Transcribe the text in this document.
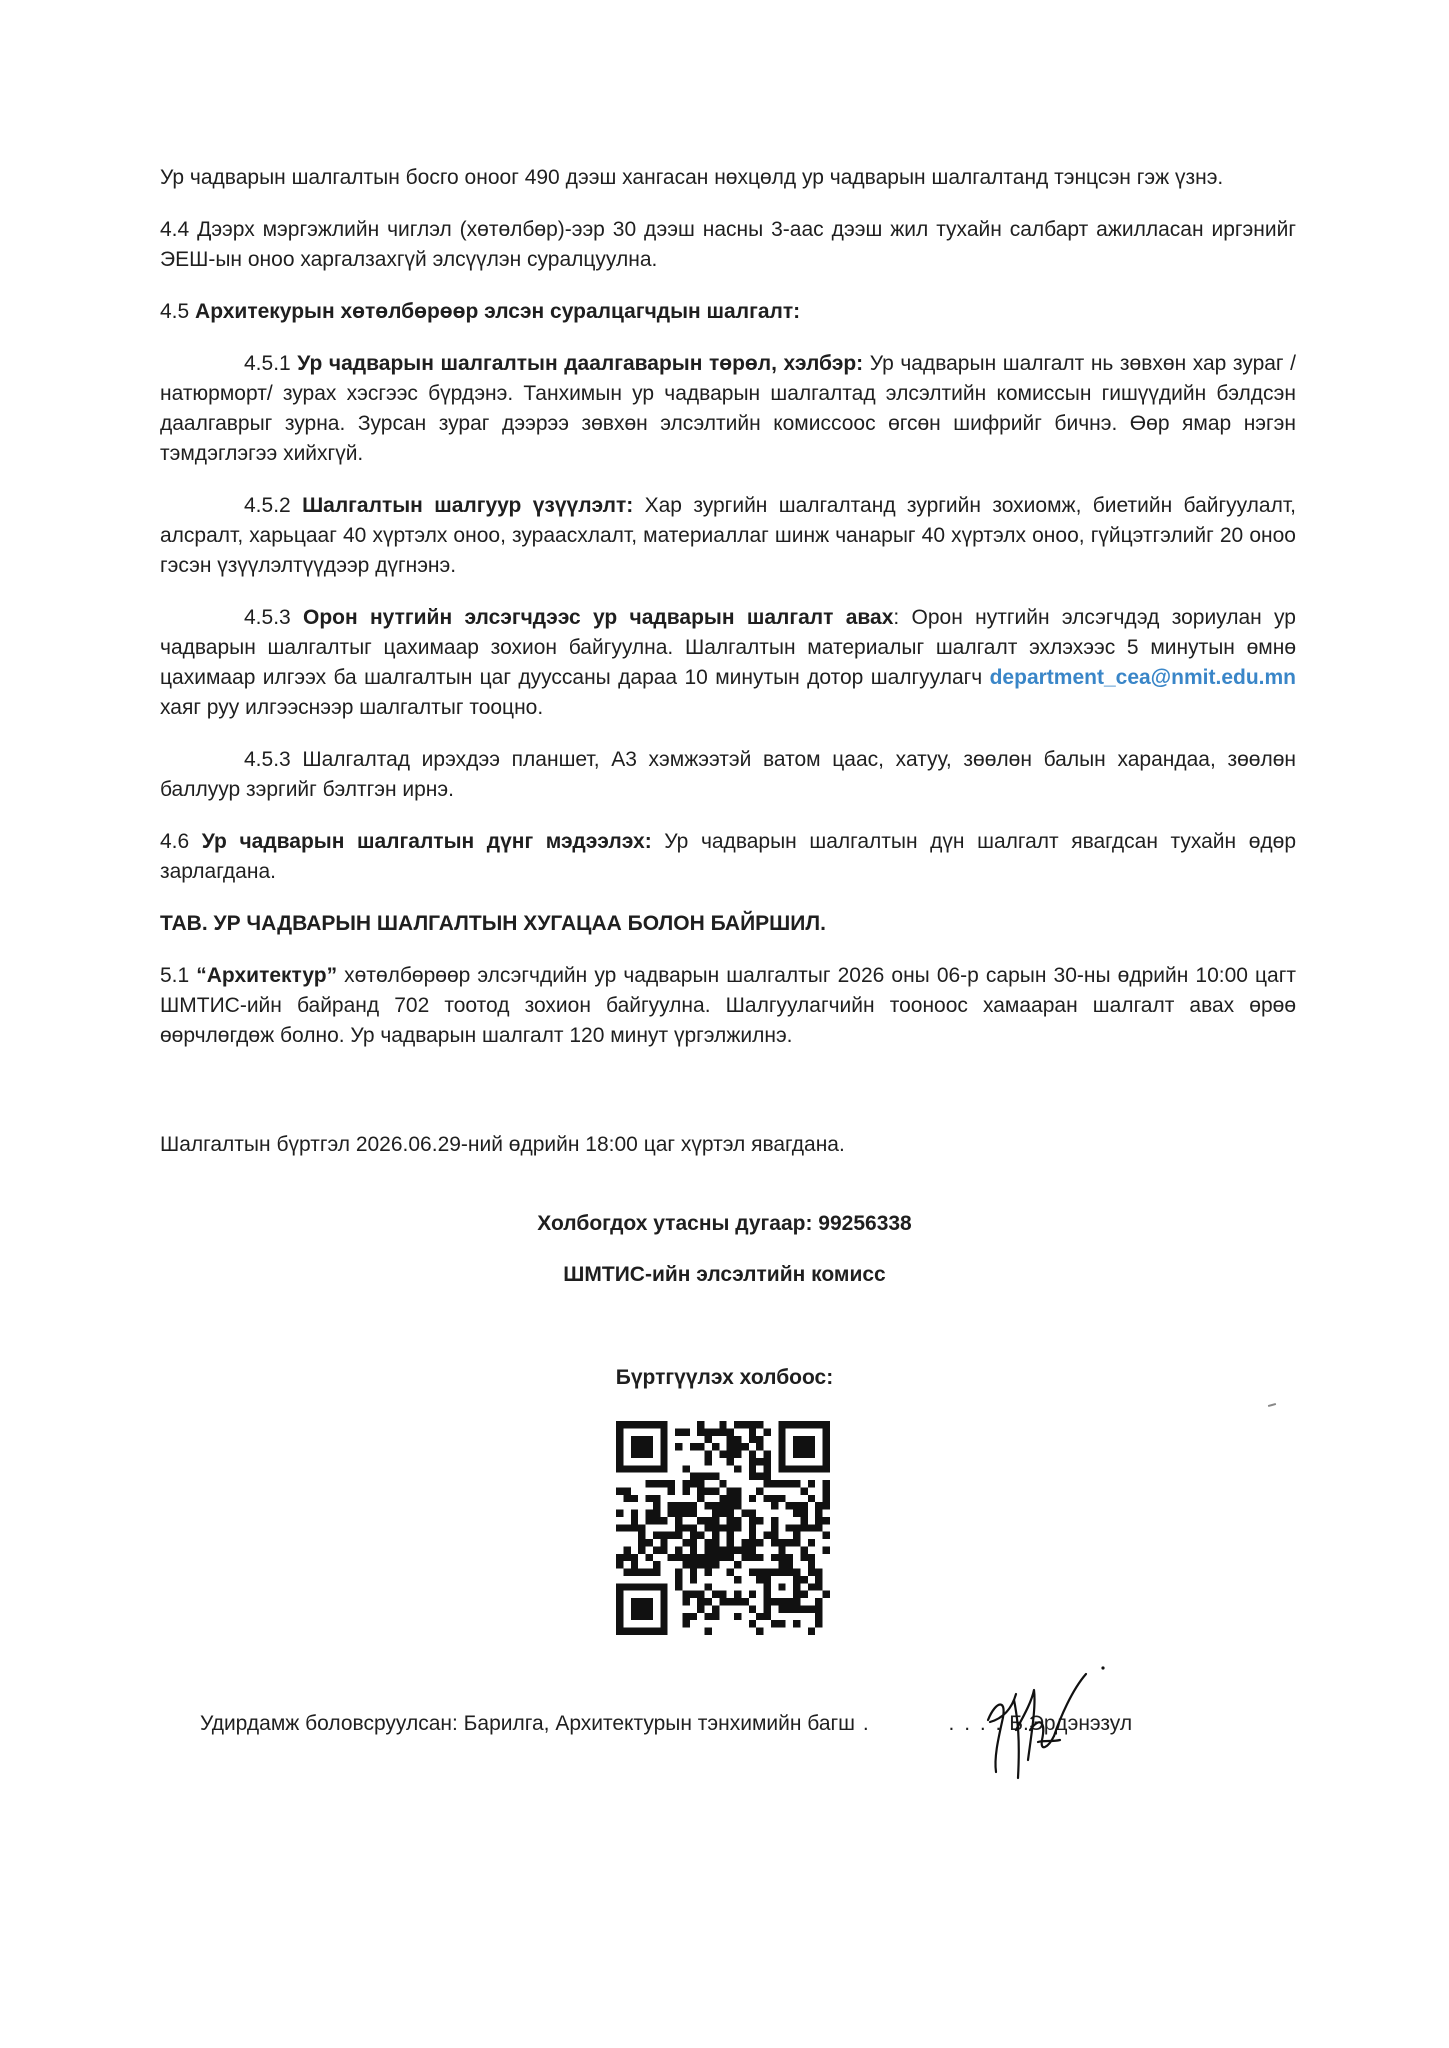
Ур чадварын шалгалтын босго оноог 490 дээш хангасан нөхцөлд ур чадварын шалгалтанд тэнцсэн гэж үзнэ.

4.4 Дээрх мэргэжлийн чиглэл (хөтөлбөр)-ээр 30 дээш насны 3-аас дээш жил тухайн салбарт ажилласан иргэнийг ЭЕШ-ын оноо харгалзахгүй элсүүлэн суралцуулна.

4.5 Архитекурын хөтөлбөрөөр элсэн суралцагчдын шалгалт:

4.5.1 Ур чадварын шалгалтын даалгаварын төрөл, хэлбэр: Ур чадварын шалгалт нь зөвхөн хар зураг /натюрморт/ зурах хэсгээс бүрдэнэ. Танхимын ур чадварын шалгалтад элсэлтийн комиссын гишүүдийн бэлдсэн даалгаврыг зурна. Зурсан зураг дээрээ зөвхөн элсэлтийн комиссоос өгсөн шифрийг бичнэ. Өөр ямар нэгэн тэмдэглэгээ хийхгүй.

4.5.2 Шалгалтын шалгуур үзүүлэлт: Хар зургийн шалгалтанд зургийн зохиомж, биетийн байгуулалт, алсралт, харьцааг 40 хүртэлх оноо, зураасхлалт, материаллаг шинж чанарыг 40 хүртэлх оноо, гүйцэтгэлийг 20 оноо гэсэн үзүүлэлтүүдээр дүгнэнэ.

4.5.3 Орон нутгийн элсэгчдээс ур чадварын шалгалт авах: Орон нутгийн элсэгчдэд зориулан ур чадварын шалгалтыг цахимаар зохион байгуулна. Шалгалтын материалыг шалгалт эхлэхээс 5 минутын өмнө цахимаар илгээх ба шалгалтын цаг дууссаны дараа 10 минутын дотор шалгуулагч department_cea@nmit.edu.mn хаяг руу илгээснээр шалгалтыг тооцно.

4.5.3 Шалгалтад ирэхдээ планшет, А3 хэмжээтэй ватом цаас, хатуу, зөөлөн балын харандаа, зөөлөн баллуур зэргийг бэлтгэн ирнэ.

4.6 Ур чадварын шалгалтын дүнг мэдээлэх: Ур чадварын шалгалтын дүн шалгалт явагдсан тухайн өдөр зарлагдана.

ТАВ. УР ЧАДВАРЫН ШАЛГАЛТЫН ХУГАЦАА БОЛОН БАЙРШИЛ.

5.1 “Архитектур” хөтөлбөрөөр элсэгчдийн ур чадварын шалгалтыг 2026 оны 06-р сарын 30-ны өдрийн 10:00 цагт ШМТИС-ийн байранд 702 тоотод зохион байгуулна. Шалгуулагчийн тооноос хамааран шалгалт авах өрөө өөрчлөгдөж болно. Ур чадварын шалгалт 120 минут үргэлжилнэ.

Шалгалтын бүртгэл 2026.06.29-ний өдрийн 18:00 цаг хүртэл явагдана.
Холбогдох утасны дугаар: 99256338
ШМТИС-ийн элсэлтийн комисс
Бүртгүүлэх холбоос:
Удирдамж боловсруулсан: Барилга, Архитектурын тэнхимийн багш .	. . . . Б.Эрдэнэзул
